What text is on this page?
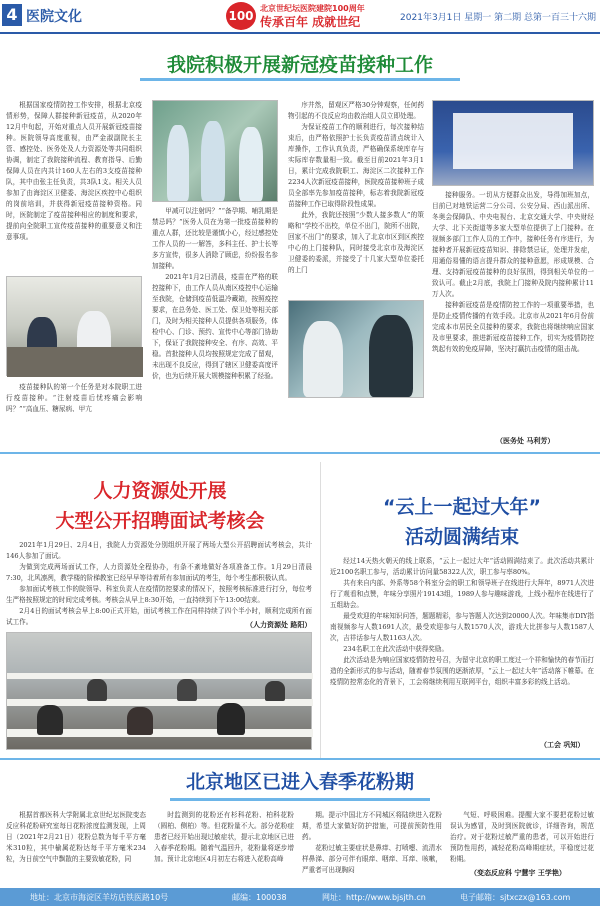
4 医院文化	100
北京世纪坛医院建院100周年
传承百年 成就世纪	2021年3月1日 星期一 第二期 总第一百三十六期
我院积极开展新冠疫苗接种工作

根据国家疫情防控工作安排，根据北京疫情形势，保障人群接种新冠疫苗，从2020年12月中旬起，开始对重点人员开展新冠疫苗接种。医院领导高度重视，由严金淑副院长主管、感控处、医务处及人力资源处等共同组织协调，制定了我院接种流程、教育指导、后勤保障人员在内共计160人左右的3支疫苗接种队，其中由张主任负责，共3队1支。相关人员参加了由海淀区卫健委、海淀区疾控中心组织的岗前培训，并获得新冠疫苗接种资格。同时，医院制定了疫苗接种相应的制度和要求，提前向全院职工宣传疫苗接种的重要意义和注意事项。

疫苗接种队的第一个任务是对本院职工进行疫苗接种。“注射疫苗后忧疼痛会影响吗？”“高血压、糖尿病、甲亢

甲减可以注射吗？”“备孕期、哺乳期是禁忌吗？”医务人员在为第一批疫苗接种的重点人群，还比较是谨慎小心，经过感控处工作人员的一一解答，多科主任、护士长等多方宣传，很多人消除了顾虑，纷纷报名参加接种。

2021年1月2日清晨，疫苗在严格的联控接种下，由工作人员从南区疫控中心运输至我院，仓储到疫苗低温冷藏箱，按照疫控要求，在总务处、医工处、保卫处等相关部门，及时为相关接种人员提供各项服务，体检中心、门诊、预约、宣传中心等部门协助下，保证了我院接种安全、有序、高效、平稳。首批接种人员均按照规定完成了留观，未出现不良反应，得到了辖区卫健委高度评价，也为后续开展大规模接种积累了经验。

序井然，留观区严格30分钟观察，任何药物引起的不良反应均由救治组人员立即处理。

为保证疫苗工作的顺利进行，每次接种结束后，由严格依照护士长负责疫苗清点统计入库操作，工作认真负责，严格确保系统库存与实际库存数量相一致。截至目前2021年3月1日，累计完成我院职工、海淀区二次接种工作2234人次新冠疫苗接种，医院疫苗接种班子成员全部率先参加疫苗接种，标志着我院新冠疫苗接种工作已取得阶段性成果。

此外，我院还按照“少数人接多数人”的策略和“学校不出校，单位不出门，院所不出院，回家不出门”的要求，加入了北京市区到区疾控中心的上门接种队，同时接受北京市及海淀区卫健委的委派，并接受了十几家大型单位委托的上门

接种服务。一切从方便群众出发，导得加班加点，目前已对地铁运营二分公司、公安分局、西山派出所、冬奥会保障队、中央电视台、北京交通大学、中央财经大学、北下关街道等多家大型单位提供了上门接种。在视频多部门工作人员的工作中，接种任务有序进行，为接种者开展新冠疫苗知识、排除禁忌证，处理并发症，用通俗易懂的语言提升群众的接种意愿，形成规模、合理、支持新冠疫苗接种的良好氛围，得到相关单位的一致认可。截止2月底，我院上门接种及院内接种累计11万人次。

接种新冠疫苗是疫情防控工作的一项重要举措，也是防止疫情传播的有效手段。北京市从2021年6月份前完成本市居民全员接种的要求，我院也将继续响应国家及市里要求，推进新冠疫苗接种工作，切实为疫情防控筑起有效的免疫屏障，坚决打赢抗击疫情的阻击战。

（医务处 马利芳）
人力资源处开展
大型公开招聘面试考核会

2021年1月29日、2月4日，我院人力资源处分别组织开展了两场大型公开招聘面试考核会，共计146人参加了面试。

为做到完成两场面试工作，人力资源处全程协办，有条不紊地做好各项准备工作。1月29日清晨7:30，北风凛冽，教学楼的阶梯教室已经早早等待着所有参加面试的考生，每个考生都积极认真。

参加面试考核工作的院领导、科室负责人在疫情防控要求的情况下，按照考核标准进行打分，每位考生严格按照规定的时间完成考核。考核会从早上8:30开始，一直持续到下午13:00结束。

2月4日的面试考核会早上8:00正式开始，面试考核工作在同样持续了四个半小时，顺利完成所有面试工作。	（人力资源处 路阳）
“云上一起过大年”
活动圆满结束

经过14天热火朝天的线上联系，“云上一起过大年”活动圆满结束了。此次活动共累计近2100名职工参与，活动累计访问量58322人次，职工参与率80%。

共有来自内部、外系等58个科室分会的职工和领导班子在线进行大拜年，8971人次进行了观看和点赞，年味分享照片19143组，1989人参与趣味游戏，上线小程序在线进行了五组助会。

最受欢迎的年味知识问答，题题精彩，参与答题人次达到20000人次。年味集市DIY指南视频参与人数1691人次，最受欢迎参与人数1570人次，游戏大比拼参与人数1587人次，吉祥话参与人数1163人次。

234名职工在此次活动中获得奖励。

此次活动是为响应国家疫情防控号召，为留守北京的职工度过一个祥和愉快的春节而打造的全新形式的参与活动，随着春节氛围的逐渐浓厚，“云上一起过大年”活动落下帷幕。在疫情防控常态化的背景下，工会将继续利用互联网平台，组织丰富多彩的线上活动。

（工会 巩知）
北京地区已进入春季花粉期

根据首都医科大学附属北京世纪坛医院变态反应科花粉研究室每日花粉浓度监测发现，上周日（2021年2月21日）花粉总数为每千平方毫米310粒，其中榆属花粉达每千平方毫米234粒，为日前空气中飘散的主要致敏花粉，同

时监测到的花粉还有杉科花粉、柏科花粉（圆柏、侧柏）等。但花粉量不大。部分花粉症患者已经开始出现过敏症状，提示北京地区已进入春季花粉期。随着气温回升，花粉量将逐步增加。预计北京地区4月初左右将进入花粉高峰

期。提示中国北方不同城区将陆续进入花粉期，希望大家做好防护措施，可提前预防性用药。

花粉过敏主要症状是鼻痒、打喷嚏、流清水样鼻涕、部分可伴有眼痒、咽痒、耳痒、咳嗽，严重者可出现胸闷

气短、呼吸困难。提醒大家不要把花粉过敏误认为感冒，及时到医院就诊，详细咨询，规范治疗。对于花粉过敏严重的患者，可以开始进行预防性用药，减轻花粉高峰期症状，平稳度过花粉期。

（变态反应科 宁慧宇 王学艳）
地址：北京市海淀区羊坊店铁医路10号	邮编：100038	网址：http://www.bjsjth.cn	电子邮箱：sjtxczx@163.com
